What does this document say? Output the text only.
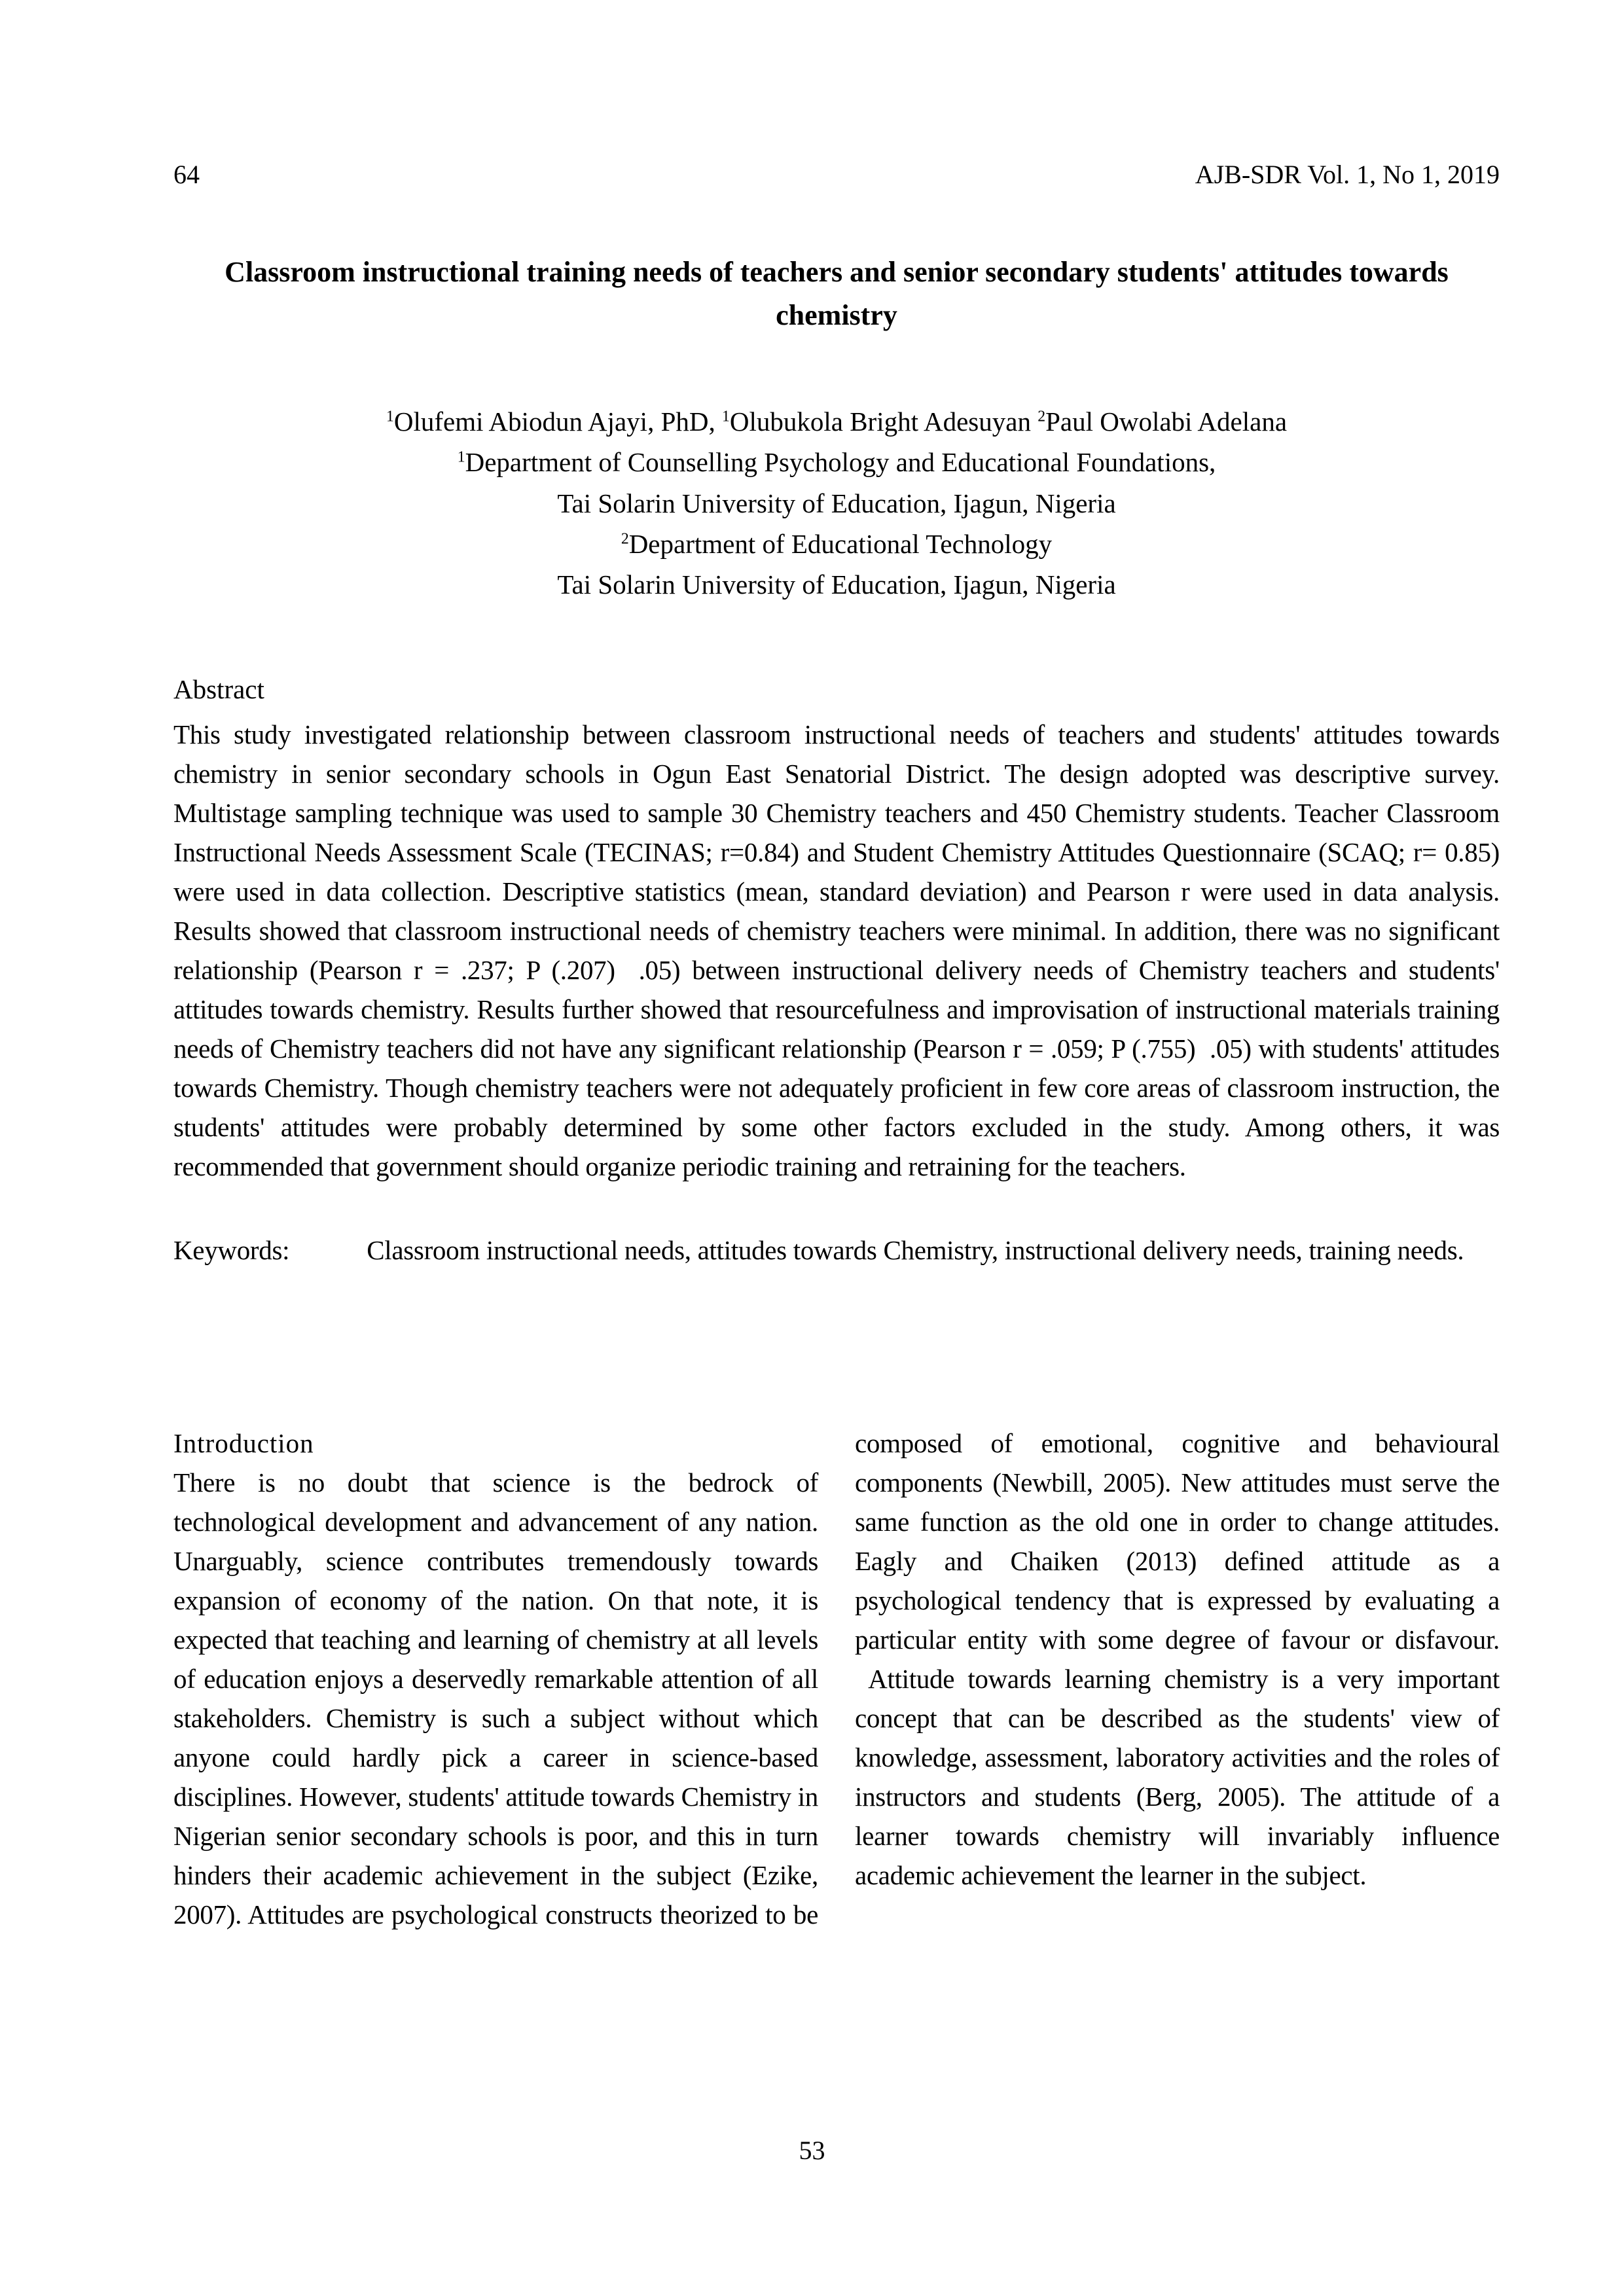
64	AJB-SDR Vol. 1, No 1, 2019
Classroom instructional training needs of teachers and senior secondary students' attitudes towards chemistry

$^1$Olufemi Abiodun Ajayi, PhD, $^1$Olubukola Bright Adesuyan $^2$Paul Owolabi Adelana

$^1$Department of Counselling Psychology and Educational Foundations,

Tai Solarin University of Education, Ijagun, Nigeria

$^2$Department of Educational Technology

Tai Solarin University of Education, Ijagun, Nigeria

Abstract

This study investigated relationship between classroom instructional needs of teachers and students' attitudes towards chemistry in senior secondary schools in Ogun East Senatorial District. The design adopted was descriptive survey. Multistage sampling technique was used to sample 30 Chemistry teachers and 450 Chemistry students. Teacher Classroom Instructional Needs Assessment Scale (TECINAS; r=0.84) and Student Chemistry Attitudes Questionnaire (SCAQ; r= 0.85) were used in data collection. Descriptive statistics (mean, standard deviation) and Pearson r were used in data analysis. Results showed that classroom instructional needs of chemistry teachers were minimal. In addition, there was no significant relationship (Pearson r = .237; P (.207)  .05) between instructional delivery needs of Chemistry teachers and students' attitudes towards chemistry. Results further showed that resourcefulness and improvisation of instructional materials training needs of Chemistry teachers did not have any significant relationship (Pearson r = .059; P (.755)  .05) with students' attitudes towards Chemistry. Though chemistry teachers were not adequately proficient in few core areas of classroom instruction, the students' attitudes were probably determined by some other factors excluded in the study. Among others, it was recommended that government should organize periodic training and retraining for the teachers.

Keywords:	Classroom instructional needs, attitudes towards Chemistry, instructional delivery needs, training needs.

Introduction

There is no doubt that science is the bedrock of technological development and advancement of any nation. Unarguably, science contributes tremendously towards expansion of economy of the nation. On that note, it is expected that teaching and learning of chemistry at all levels of education enjoys a deservedly remarkable attention of all stakeholders. Chemistry is such a subject without which anyone could hardly pick a career in science-based disciplines. However, students' attitude towards Chemistry in Nigerian senior secondary schools is poor, and this in turn hinders their academic achievement in the subject (Ezike, 2007). Attitudes are psychological constructs theorized to be

composed of emotional, cognitive and behavioural components (Newbill, 2005). New attitudes must serve the same function as the old one in order to change attitudes. Eagly and Chaiken (2013) defined attitude as a psychological tendency that is expressed by evaluating a particular entity with some degree of favour or disfavour.  Attitude towards learning chemistry is a very important concept that can be described as the students' view of knowledge, assessment, laboratory activities and the roles of instructors and students (Berg, 2005). The attitude of a learner towards chemistry will invariably influence academic achievement the learner in the subject.

53
